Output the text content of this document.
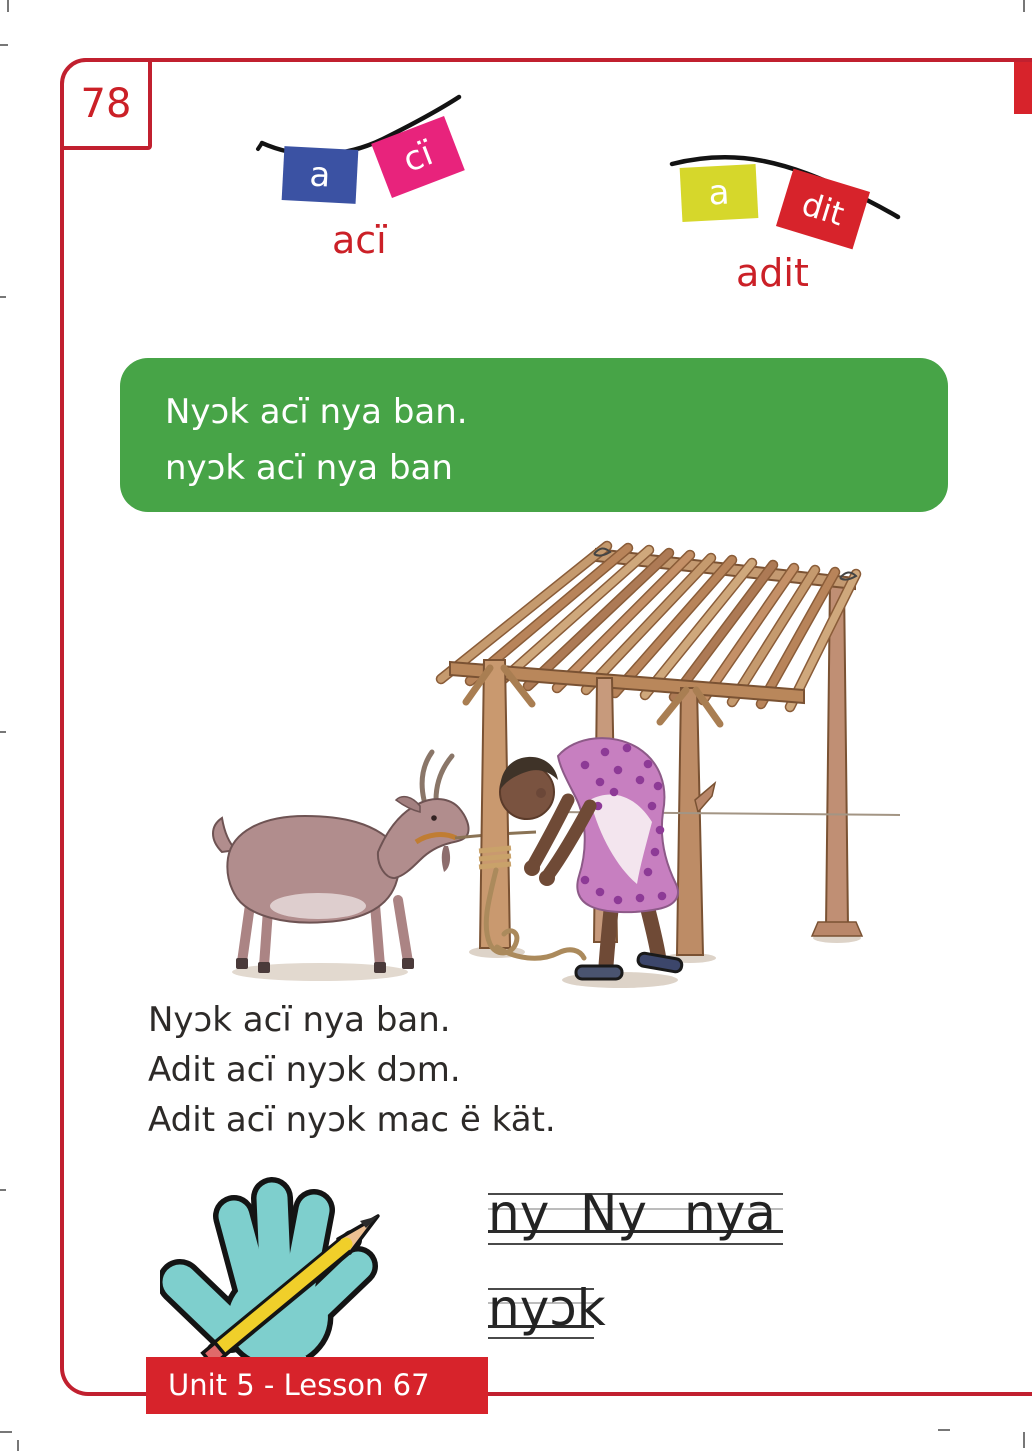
78
a cï
acï
a dit
adit
Nyɔk acï nya ban.
nyɔk acï nya ban
Nyɔk acï nya ban.
Adit acï nyɔk dɔm.
Adit acï nyɔk mac ë kät.
ny Ny nya
nyɔk
Unit 5 - Lesson 67
